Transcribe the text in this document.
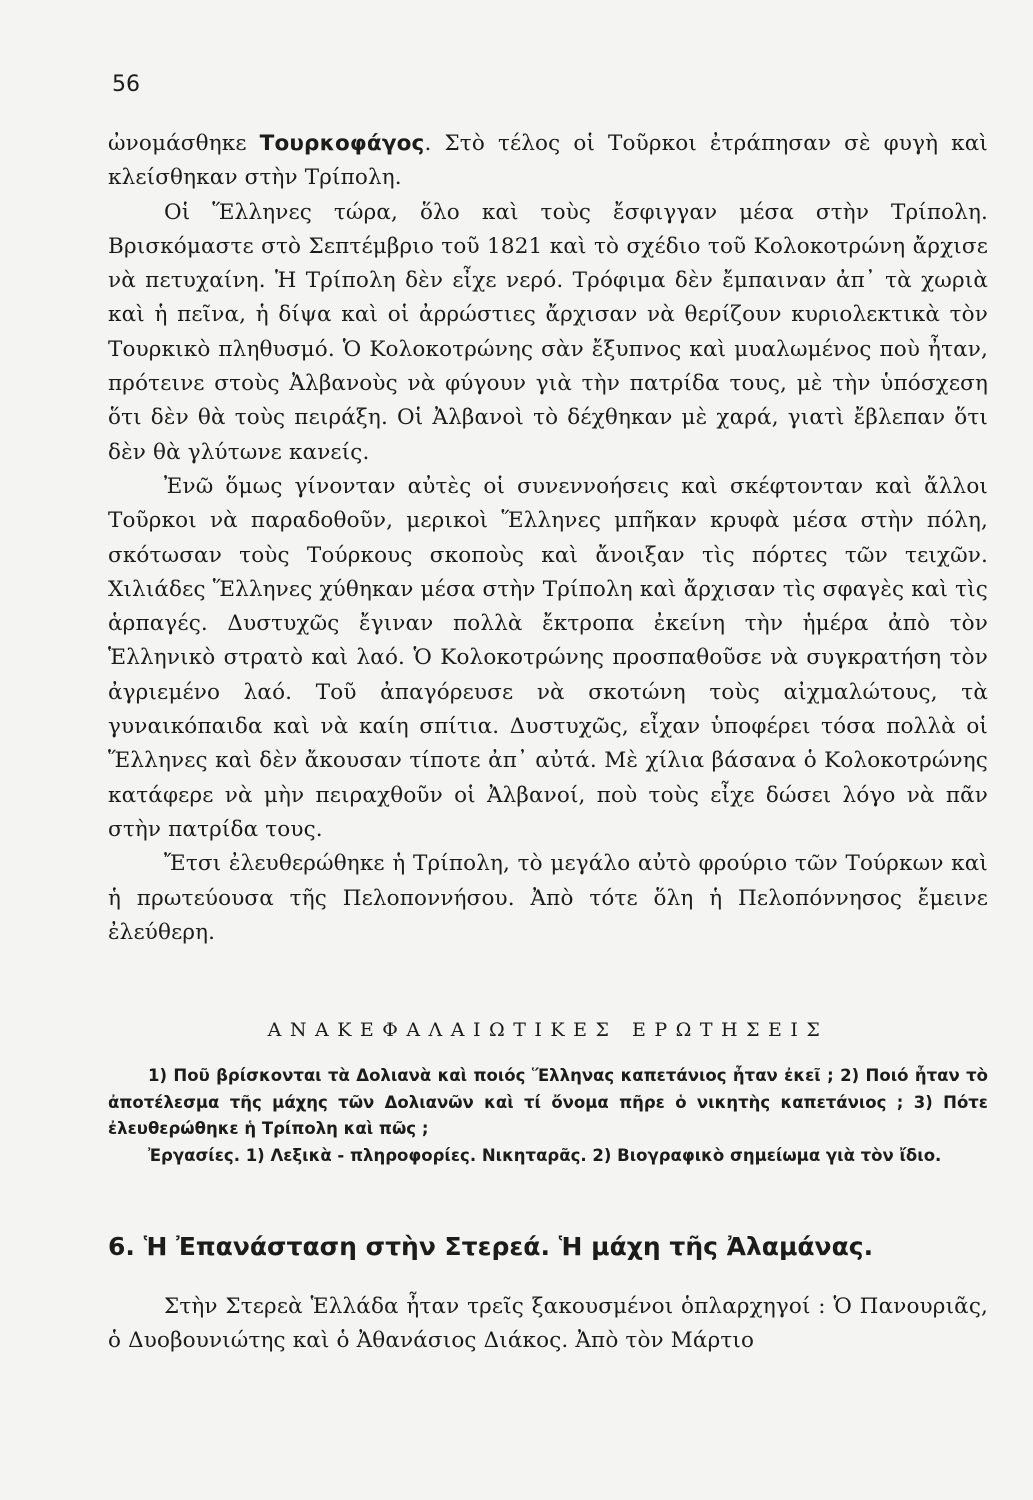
56

ὠνομάσθηκε Τουρκοφάγος. Στὸ τέλος οἱ Τοῦρκοι ἐτράπησαν σὲ φυγὴ καὶ κλείσθηκαν στὴν Τρίπολη.

Οἱ Ἕλληνες τώρα, ὅλο καὶ τοὺς ἔσφιγγαν μέσα στὴν Τρίπολη. Βρισκόμαστε στὸ Σεπτέμβριο τοῦ 1821 καὶ τὸ σχέδιο τοῦ Κολοκοτρώνη ἄρχισε νὰ πετυχαίνη. Ἡ Τρίπολη δὲν εἶχε νερό. Τρόφιμα δὲν ἔμπαιναν ἀπ᾿ τὰ χωριὰ καὶ ἡ πεῖνα, ἡ δίψα καὶ οἱ ἀρρώστιες ἄρχισαν νὰ θερίζουν κυριολεκτικὰ τὸν Τουρκικὸ πληθυσμό. Ὁ Κολοκοτρώνης σὰν ἔξυπνος καὶ μυαλωμένος ποὺ ἦταν, πρότεινε στοὺς Ἀλβανοὺς νὰ φύγουν γιὰ τὴν πατρίδα τους, μὲ τὴν ὑπόσχεση ὅτι δὲν θὰ τοὺς πειράξη. Οἱ Ἀλβανοὶ τὸ δέχθηκαν μὲ χαρά, γιατὶ ἔβλεπαν ὅτι δὲν θὰ γλύτωνε κανείς.

Ἐνῶ ὅμως γίνονταν αὐτὲς οἱ συνεννοήσεις καὶ σκέφτονταν καὶ ἄλλοι Τοῦρκοι νὰ παραδοθοῦν, μερικοὶ Ἕλληνες μπῆκαν κρυφὰ μέσα στὴν πόλη, σκότωσαν τοὺς Τούρκους σκοποὺς καὶ ἄνοιξαν τὶς πόρτες τῶν τειχῶν. Χιλιάδες Ἕλληνες χύθηκαν μέσα στὴν Τρίπολη καὶ ἄρχισαν τὶς σφαγὲς καὶ τὶς ἁρπαγές. Δυστυχῶς ἔγιναν πολλὰ ἔκτροπα ἐκείνη τὴν ἡμέρα ἀπὸ τὸν Ἑλληνικὸ στρατὸ καὶ λαό. Ὁ Κολοκοτρώνης προσπαθοῦσε νὰ συγκρατήση τὸν ἀγριεμένο λαό. Τοῦ ἀπαγόρευσε νὰ σκοτώνη τοὺς αἰχμαλώτους, τὰ γυναικόπαιδα καὶ νὰ καίη σπίτια. Δυστυχῶς, εἶχαν ὑποφέρει τόσα πολλὰ οἱ Ἕλληνες καὶ δὲν ἄκουσαν τίποτε ἀπ᾿ αὐτά. Μὲ χίλια βάσανα ὁ Κολοκοτρώνης κατάφερε νὰ μὴν πειραχθοῦν οἱ Ἀλβανοί, ποὺ τοὺς εἶχε δώσει λόγο νὰ πᾶν στὴν πατρίδα τους.

Ἔτσι ἐλευθερώθηκε ἡ Τρίπολη, τὸ μεγάλο αὐτὸ φρούριο τῶν Τούρκων καὶ ἡ πρωτεύουσα τῆς Πελοποννήσου. Ἀπὸ τότε ὅλη ἡ Πελοπόννησος ἔμεινε ἐλεύθερη.

ΑΝΑΚΕΦΑΛΑΙΩΤΙΚΕΣ ΕΡΩΤΗΣΕΙΣ

1) Ποῦ βρίσκονται τὰ Δολιανὰ καὶ ποιός Ἕλληνας καπετάνιος ἦταν ἐκεῖ ; 2) Ποιό ἦταν τὸ ἀποτέλεσμα τῆς μάχης τῶν Δολιανῶν καὶ τί ὄνομα πῆρε ὁ νικητὴς καπετάνιος ; 3) Πότε ἐλευθερώθηκε ἡ Τρίπολη καὶ πῶς ;

Ἐργασίες. 1) Λεξικὰ - πληροφορίες. Νικηταρᾶς. 2) Βιογραφικὸ σημείωμα γιὰ τὸν ἴδιο.

6. Ἡ Ἐπανάσταση στὴν Στερεά. Ἡ μάχη τῆς Ἀλαμάνας.

Στὴν Στερεὰ Ἑλλάδα ἦταν τρεῖς ξακουσμένοι ὁπλαρχηγοί : Ὁ Πανουριᾶς, ὁ Δυοβουνιώτης καὶ ὁ Ἀθανάσιος Διάκος. Ἀπὸ τὸν Μάρτιο
